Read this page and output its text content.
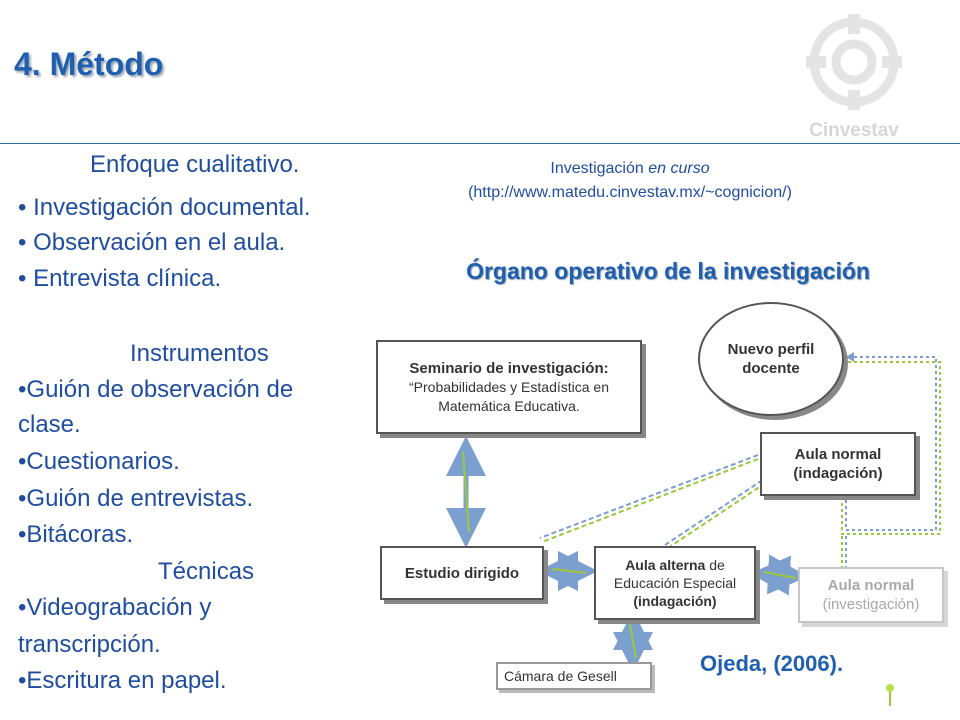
4. Método
Cinvestav
Enfoque cualitativo.
• Investigación documental.
• Observación en el aula.
• Entrevista clínica.
Instrumentos
•Guión de observación de
clase.
•Cuestionarios.
•Guión de entrevistas.
•Bitácoras.
Técnicas
•Videograbación y
transcripción.
•Escritura en papel.
Investigación en curso
(http://www.matedu.cinvestav.mx/~cognicion/)
Órgano operativo de la investigación
Seminario de investigación:
“Probabilidades y Estadística en
Matemática Educativa.
Nuevo perfil
docente
Aula normal
(indagación)
Estudio dirigido	Aula alterna de
Educación Especial
(indagación)
Aula normal
(investigación)
Cámara de Gesell	Ojeda, (2006).
